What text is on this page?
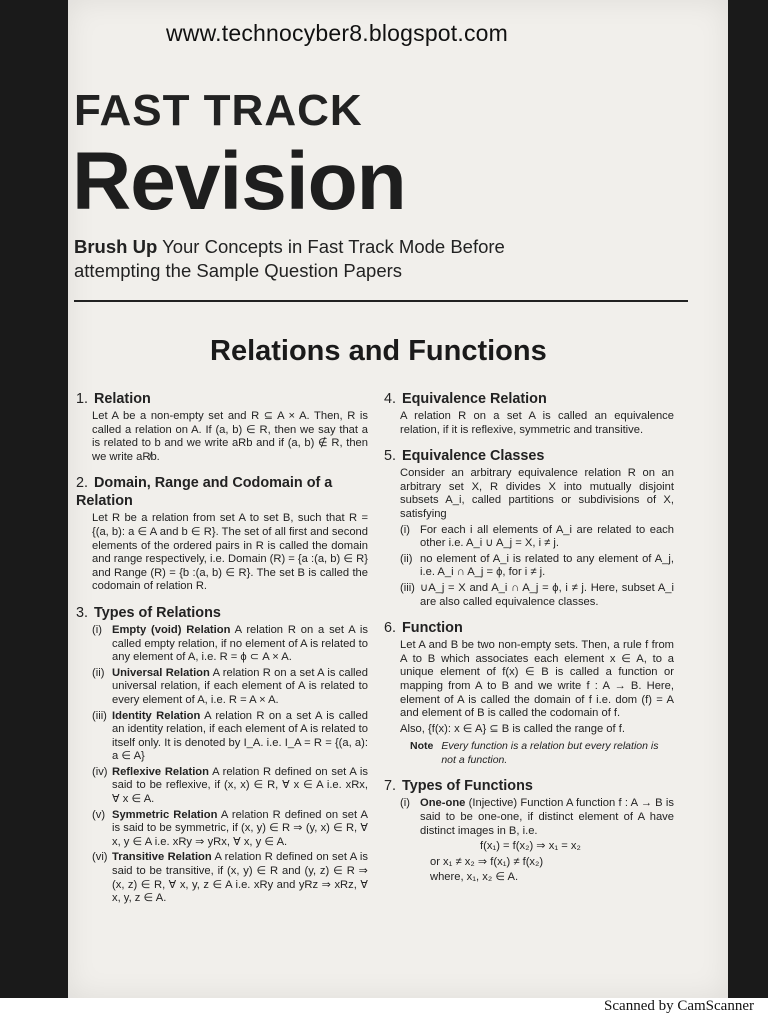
www.technocyber8.blogspot.com
FAST TRACK
Revision
Brush Up Your Concepts in Fast Track Mode Before
attempting the Sample Question Papers
Relations and Functions
1. Relation
Let A be a non-empty set and R ⊆ A × A. Then, R is called a relation on A. If (a, b) ∈ R, then we say that a is related to b and we write aRb and if (a, b) ∉ R, then we write aR̸b.
2. Domain, Range and Codomain of a Relation
Let R be a relation from set A to set B, such that R = {(a, b): a ∈ A and b ∈ R}. The set of all first and second elements of the ordered pairs in R is called the domain and range respectively, i.e. Domain (R) = {a :(a, b) ∈ R} and Range (R) = {b :(a, b) ∈ R}. The set B is called the codomain of relation R.
3. Types of Relations
(i) Empty (void) Relation A relation R on a set A is called empty relation, if no element of A is related to any element of A, i.e. R = ϕ ⊂ A × A.
(ii) Universal Relation A relation R on a set A is called universal relation, if each element of A is related to every element of A, i.e. R = A × A.
(iii) Identity Relation A relation R on a set A is called an identity relation, if each element of A is related to itself only. It is denoted by I_A. i.e. I_A = R = {(a, a): a ∈ A}
(iv) Reflexive Relation A relation R defined on set A is said to be reflexive, if (x, x) ∈ R, ∀ x ∈ A i.e. xRx, ∀ x ∈ A.
(v) Symmetric Relation A relation R defined on set A is said to be symmetric, if (x, y) ∈ R ⇒ (y, x) ∈ R, ∀ x, y ∈ A i.e. xRy ⇒ yRx, ∀ x, y ∈ A.
(vi) Transitive Relation A relation R defined on set A is said to be transitive, if (x, y) ∈ R and (y, z) ∈ R ⇒ (x, z) ∈ R, ∀ x, y, z ∈ A i.e. xRy and yRz ⇒ xRz, ∀ x, y, z ∈ A.
4. Equivalence Relation
A relation R on a set A is called an equivalence relation, if it is reflexive, symmetric and transitive.
5. Equivalence Classes
Consider an arbitrary equivalence relation R on an arbitrary set X, R divides X into mutually disjoint subsets A_i, called partitions or subdivisions of X, satisfying
(i) For each i all elements of A_i are related to each other i.e. A_i ∪ A_j = X, i ≠ j.
(ii) no element of A_i is related to any element of A_j, i.e. A_i ∩ A_j = ϕ, for i ≠ j.
(iii) ∪A_j = X and A_i ∩ A_j = ϕ, i ≠ j. Here, subset A_i are also called equivalence classes.
6. Function
Let A and B be two non-empty sets. Then, a rule f from A to B which associates each element x ∈ A, to a unique element of f(x) ∈ B is called a function or mapping from A to B and we write f : A → B. Here, element of A is called the domain of f i.e. dom (f) = A and element of B is called the codomain of f.
Also, {f(x): x ∈ A} ⊆ B is called the range of f.
Note Every function is a relation but every relation is not a function.
7. Types of Functions
(i) One-one (Injective) Function A function f : A → B is said to be one-one, if distinct element of A have distinct images in B, i.e.
f(x₁) = f(x₂) ⇒ x₁ = x₂
or x₁ ≠ x₂ ⇒ f(x₁) ≠ f(x₂)
where, x₁, x₂ ∈ A.
Scanned by CamScanner
